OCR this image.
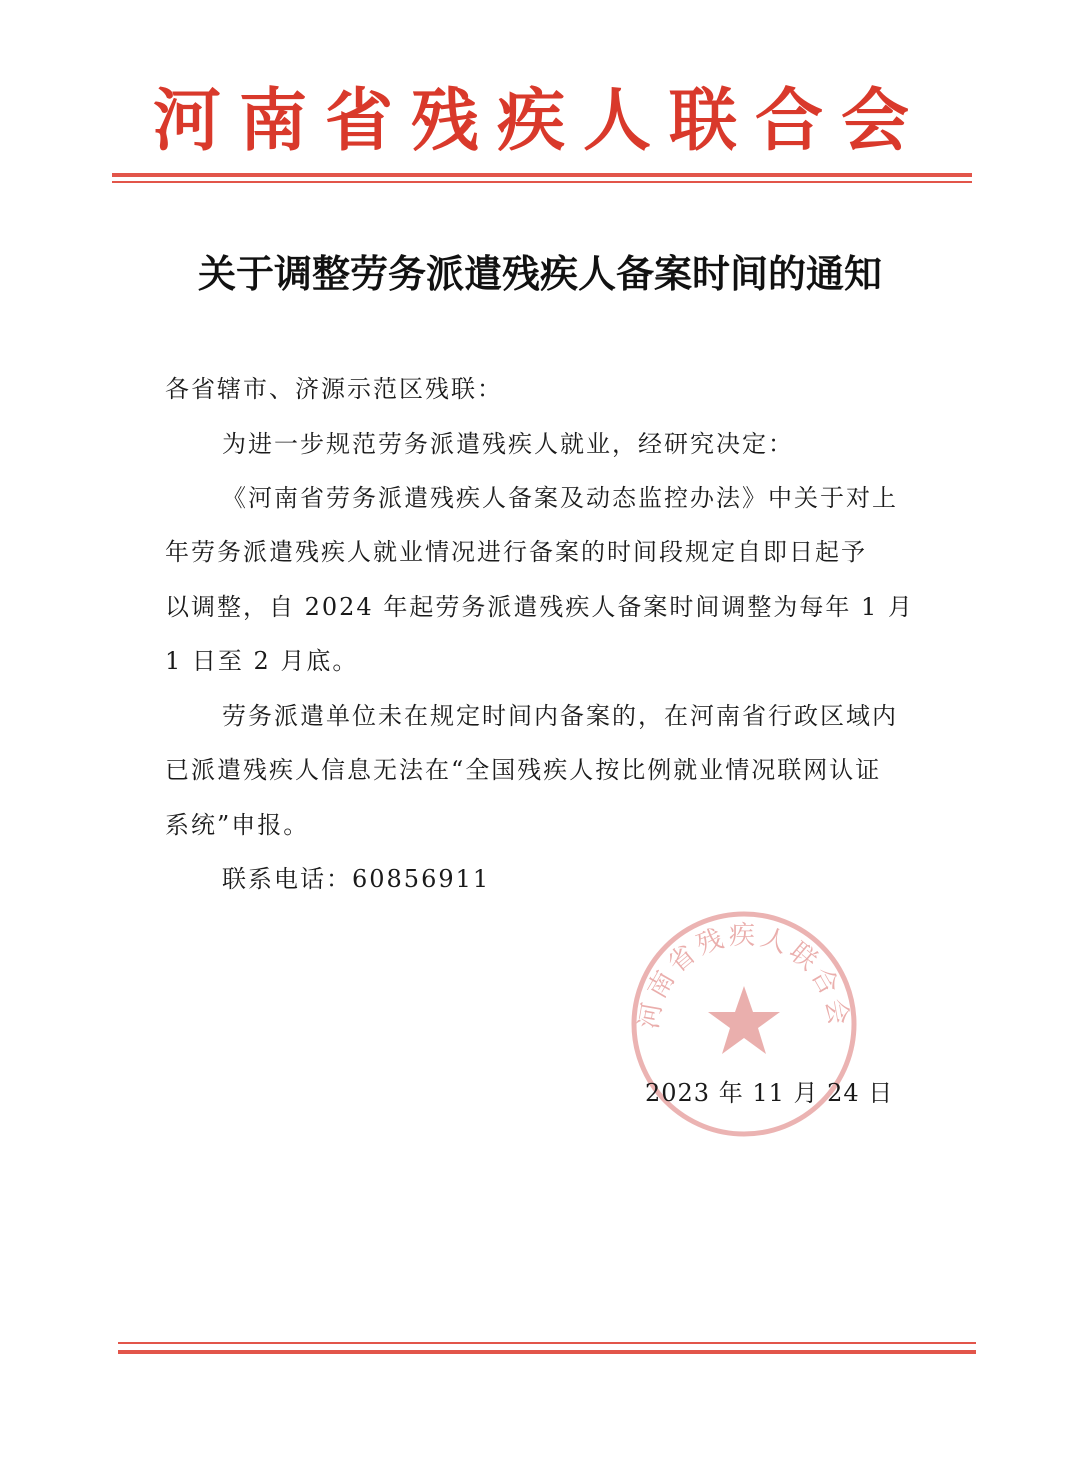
河南省残疾人联合会
关于调整劳务派遣残疾人备案时间的通知
各省辖市、济源示范区残联：
为进一步规范劳务派遣残疾人就业，经研究决定：
《河南省劳务派遣残疾人备案及动态监控办法》中关于对上
年劳务派遣残疾人就业情况进行备案的时间段规定自即日起予
以调整，自 2024 年起劳务派遣残疾人备案时间调整为每年 1 月
1 日至 2 月底。
劳务派遣单位未在规定时间内备案的，在河南省行政区域内
已派遣残疾人信息无法在“全国残疾人按比例就业情况联网认证
系统”申报。
联系电话：60856911
河南省残疾人联合会
2023 年 11 月 24 日
